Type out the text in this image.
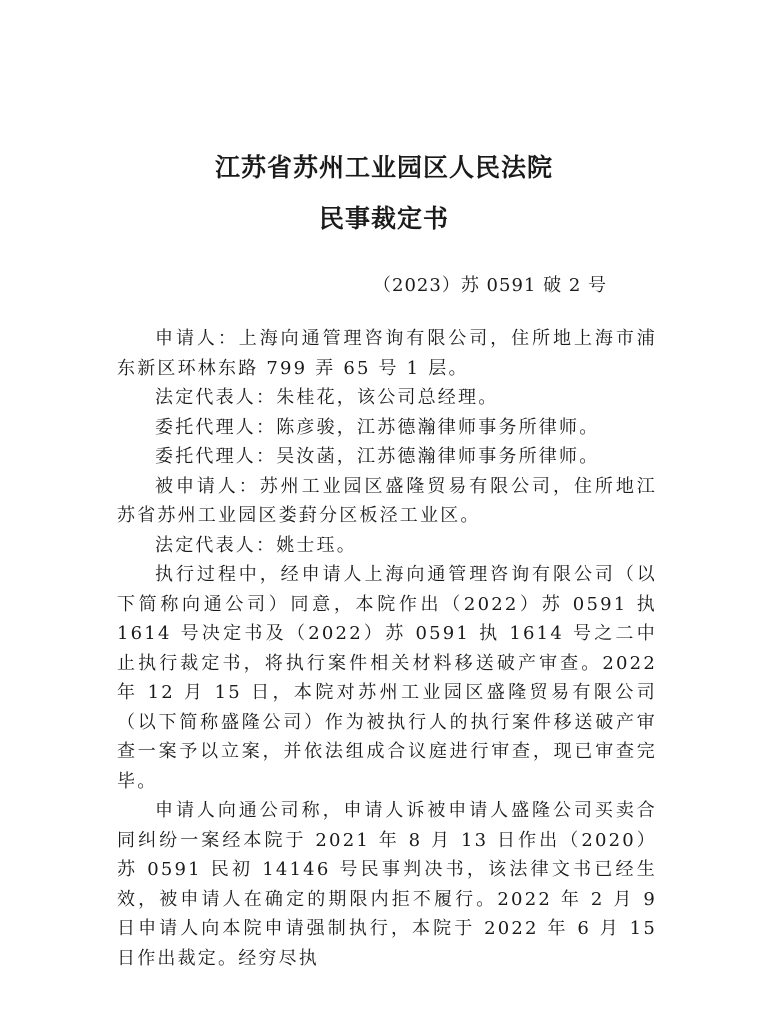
江苏省苏州工业园区人民法院
民事裁定书
（2023）苏 0591 破 2 号

申请人：上海向通管理咨询有限公司，住所地上海市浦东新区环林东路 799 弄 65 号 1 层。

法定代表人：朱桂花，该公司总经理。

委托代理人：陈彦骏，江苏德瀚律师事务所律师。

委托代理人：吴汝菡，江苏德瀚律师事务所律师。

被申请人：苏州工业园区盛隆贸易有限公司，住所地江苏省苏州工业园区娄葑分区板泾工业区。

法定代表人：姚士珏。

执行过程中，经申请人上海向通管理咨询有限公司（以下简称向通公司）同意，本院作出（2022）苏 0591 执 1614 号决定书及（2022）苏 0591 执 1614 号之二中止执行裁定书，将执行案件相关材料移送破产审查。2022 年 12 月 15 日，本院对苏州工业园区盛隆贸易有限公司（以下简称盛隆公司）作为被执行人的执行案件移送破产审查一案予以立案，并依法组成合议庭进行审查，现已审查完毕。

申请人向通公司称，申请人诉被申请人盛隆公司买卖合同纠纷一案经本院于 2021 年 8 月 13 日作出（2020）苏 0591 民初 14146 号民事判决书，该法律文书已经生效，被申请人在确定的期限内拒不履行。2022 年 2 月 9 日申请人向本院申请强制执行，本院于 2022 年 6 月 15 日作出裁定。经穷尽执
